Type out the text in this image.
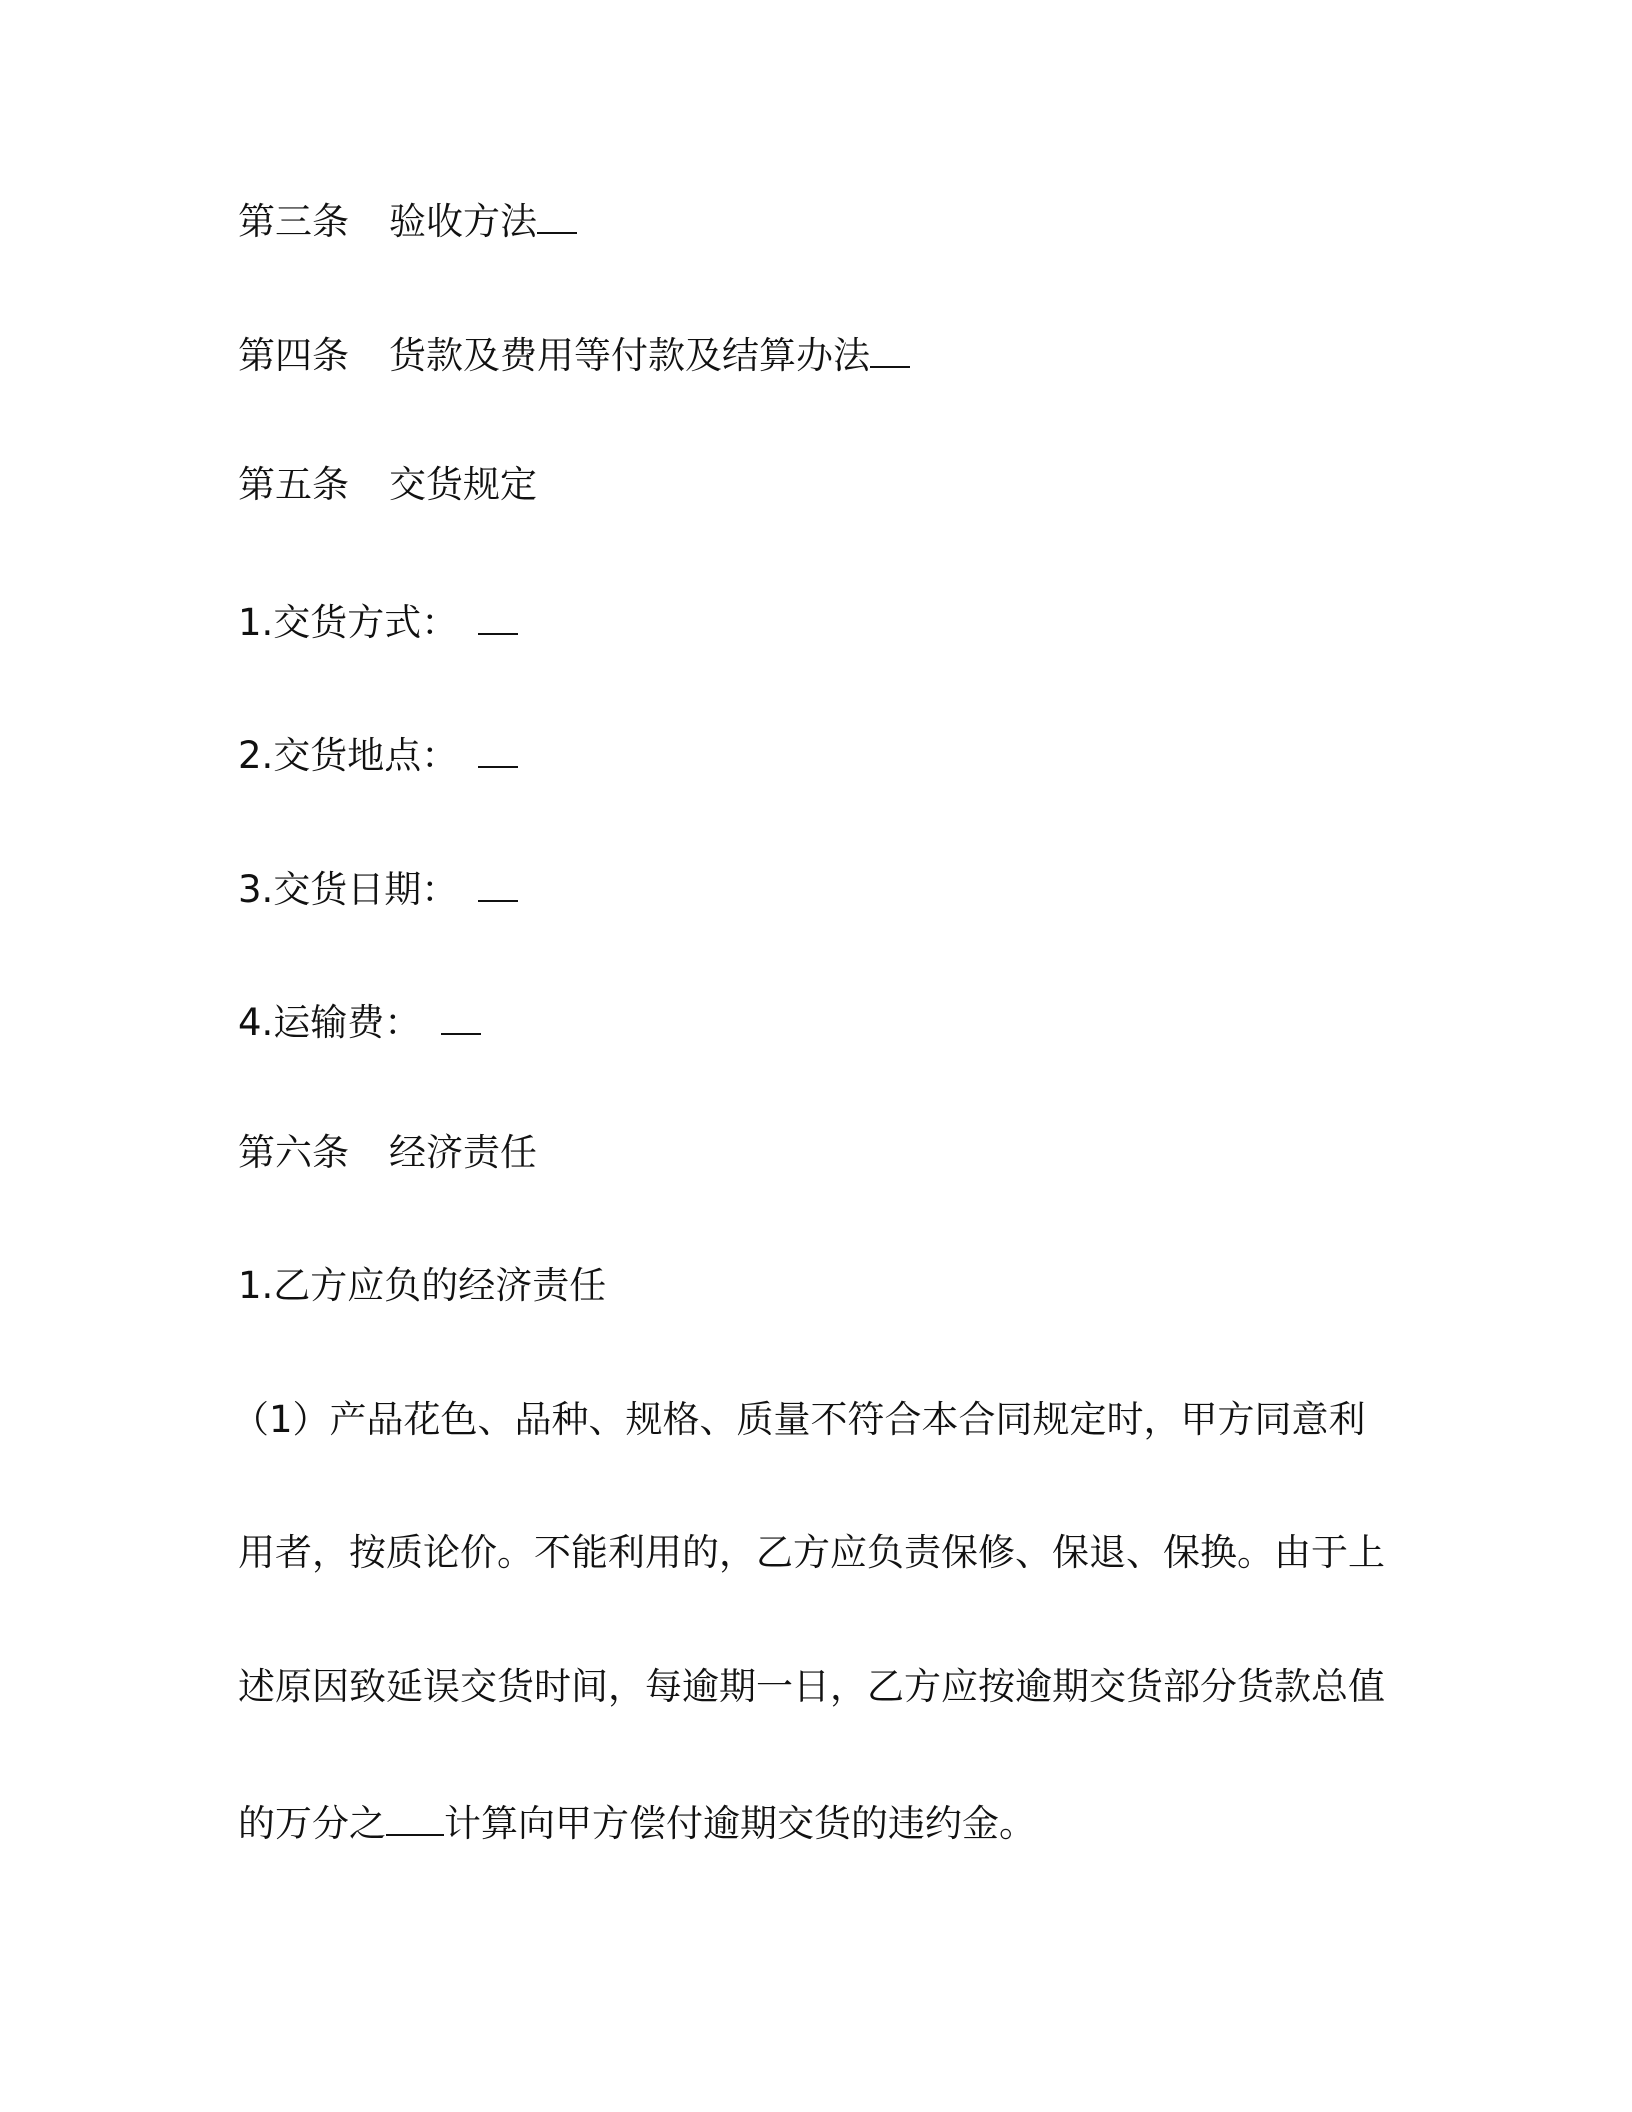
第三条 验收方法
第四条 货款及费用等付款及结算办法
第五条 交货规定
1.交货方式：
2.交货地点：
3.交货日期：
4.运输费：
第六条 经济责任
1.乙方应负的经济责任
（1）产品花色、品种、规格、质量不符合本合同规定时，甲方同意利
用者，按质论价。不能利用的，乙方应负责保修、保退、保换。由于上
述原因致延误交货时间，每逾期一日，乙方应按逾期交货部分货款总值
的万分之 计算向甲方偿付逾期交货的违约金。
